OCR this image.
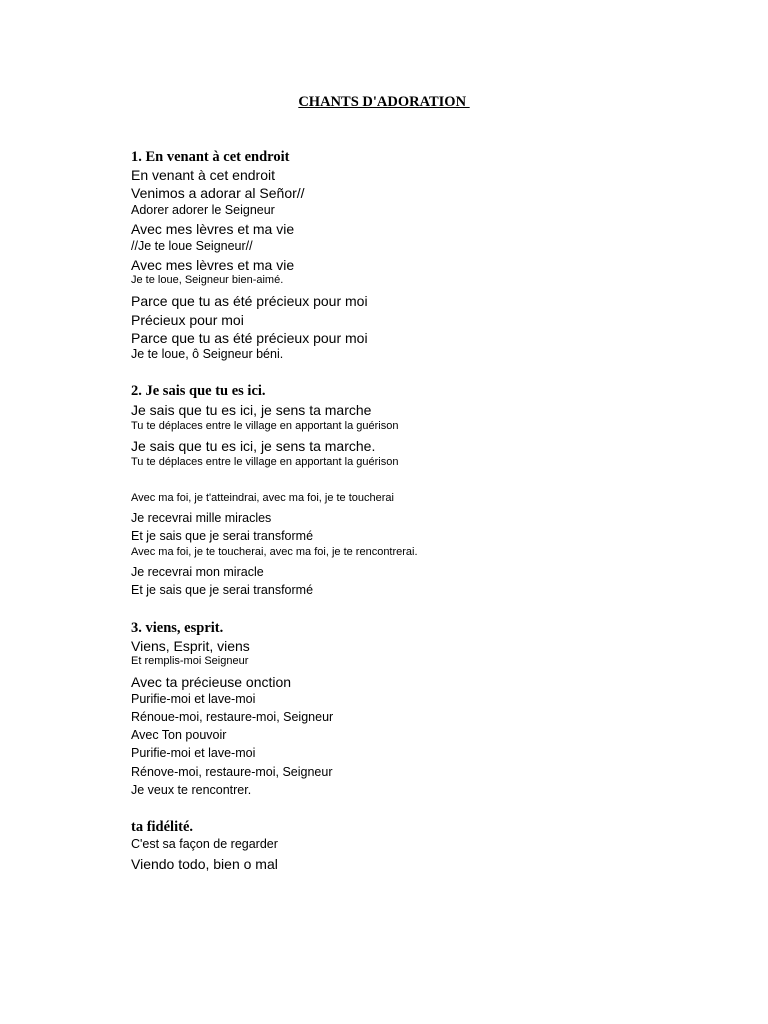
CHANTS D'ADORATION
1. En venant à cet endroit
En venant à cet endroit
Venimos a adorar al Señor//
Adorer adorer le Seigneur
Avec mes lèvres et ma vie
//Je te loue Seigneur//
Avec mes lèvres et ma vie
Je te loue, Seigneur bien-aimé.
Parce que tu as été précieux pour moi
Précieux pour moi
Parce que tu as été précieux pour moi
Je te loue, ô Seigneur béni.
2. Je sais que tu es ici.
Je sais que tu es ici, je sens ta marche
Tu te déplaces entre le village en apportant la guérison
Je sais que tu es ici, je sens ta marche.
Tu te déplaces entre le village en apportant la guérison
Avec ma foi, je t'atteindrai, avec ma foi, je te toucherai
Je recevrai mille miracles
Et je sais que je serai transformé
Avec ma foi, je te toucherai, avec ma foi, je te rencontrerai.
Je recevrai mon miracle
Et je sais que je serai transformé
3. viens, esprit.
Viens, Esprit, viens
Et remplis-moi Seigneur
Avec ta précieuse onction
Purifie-moi et lave-moi
Rénoue-moi, restaure-moi, Seigneur
Avec Ton pouvoir
Purifie-moi et lave-moi
Rénove-moi, restaure-moi, Seigneur
Je veux te rencontrer.
ta fidélité.
C'est sa façon de regarder
Viendo todo, bien o mal
